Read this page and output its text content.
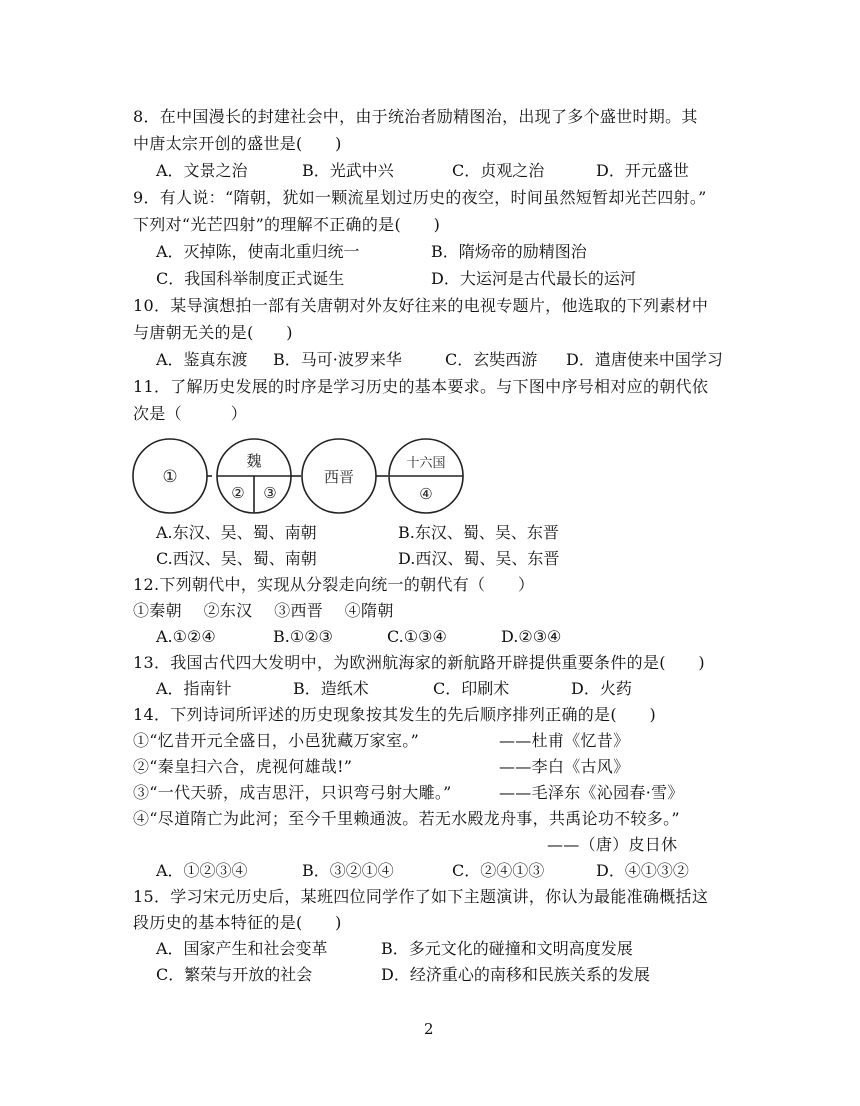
8．在中国漫长的封建社会中，由于统治者励精图治，出现了多个盛世时期。其
中唐太宗开创的盛世是(　　)
A．文景之治	B．光武中兴	C．贞观之治	D．开元盛世
9．有人说：“隋朝，犹如一颗流星划过历史的夜空，时间虽然短暂却光芒四射。”
下列对“光芒四射”的理解不正确的是(　　)
A．灭掉陈，使南北重归统一	B．隋炀帝的励精图治
C．我国科举制度正式诞生	D．大运河是古代最长的运河
10．某导演想拍一部有关唐朝对外友好往来的电视专题片，他选取的下列素材中
与唐朝无关的是(　　)
A．鉴真东渡 B．马可·波罗来华	C．玄奘西游 D．遣唐使来中国学习
11．了解历史发展的时序是学习历史的基本要求。与下图中序号相对应的朝代依
次是（　　　）
①
魏
② ③
西晋
十六国
④
A.东汉、吴、蜀、南朝	B.东汉、蜀、吴、东晋
C.西汉、吴、蜀、南朝	D.西汉、蜀、吴、东晋
12.下列朝代中，实现从分裂走向统一的朝代有（　　）
①秦朝　 ②东汉　 ③西晋　 ④隋朝
A.①②④	B.①②③	C.①③④	D.②③④
13．我国古代四大发明中，为欧洲航海家的新航路开辟提供重要条件的是(　　)
A．指南针	B．造纸术	C．印刷术	D．火药
14．下列诗词所评述的历史现象按其发生的先后顺序排列正确的是(　　)
①“忆昔开元全盛日，小邑犹藏万家室。”	——杜甫《忆昔》
②“秦皇扫六合，虎视何雄哉!”	——李白《古风》
③“一代天骄，成吉思汗，只识弯弓射大雕。”	——毛泽东《沁园春·雪》
④“尽道隋亡为此河；至今千里赖通波。若无水殿龙舟事，共禹论功不较多。”
——（唐）皮日休
A．①②③④	B．③②①④	C．②④①③	D．④①③②
15．学习宋元历史后，某班四位同学作了如下主题演讲，你认为最能准确概括这
段历史的基本特征的是(　　)
A．国家产生和社会变革	B．多元文化的碰撞和文明高度发展
C．繁荣与开放的社会	D．经济重心的南移和民族关系的发展
2
